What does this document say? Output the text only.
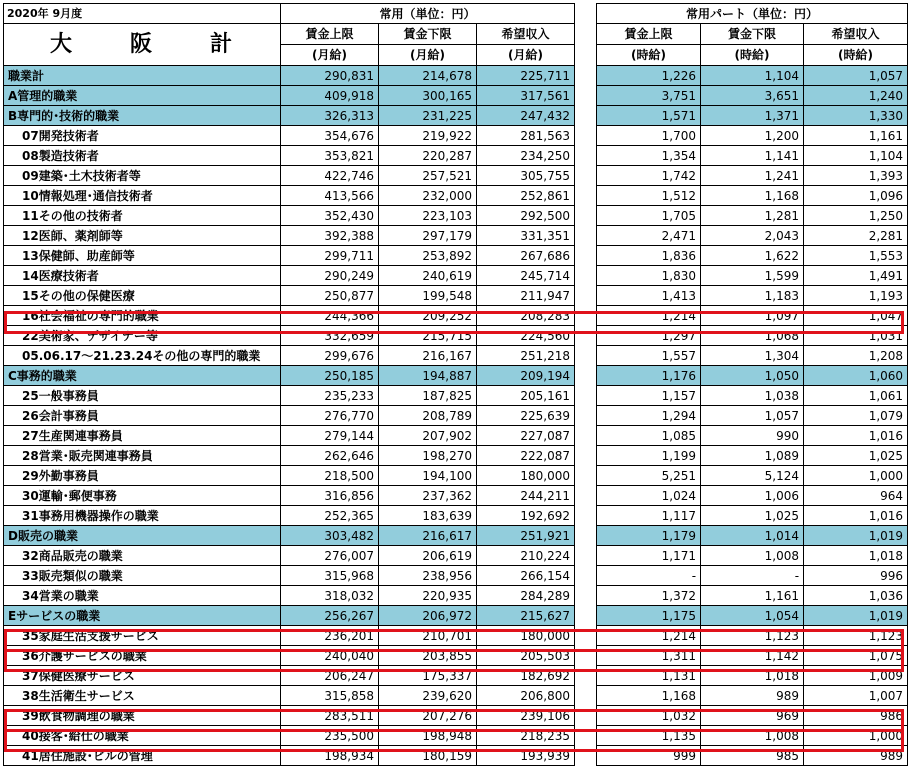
2020年 9月度	常用（単位：円）				常用パート（単位：円）		
大 阪 計	賃金上限	賃金下限	希望収入		賃金上限	賃金下限	希望収入
	(月給)	(月給)	(月給)		(時給)	(時給)	(時給)
職業計	290,831	214,678	225,711		1,226	1,104	1,057
A管理的職業	409,918	300,165	317,561		3,751	3,651	1,240
B専門的･技術的職業	326,313	231,225	247,432		1,571	1,371	1,330
07開発技術者	354,676	219,922	281,563		1,700	1,200	1,161
08製造技術者	353,821	220,287	234,250		1,354	1,141	1,104
09建築･土木技術者等	422,746	257,521	305,755		1,742	1,241	1,393
10情報処理･通信技術者	413,566	232,000	252,861		1,512	1,168	1,096
11その他の技術者	352,430	223,103	292,500		1,705	1,281	1,250
12医師、薬剤師等	392,388	297,179	331,351		2,471	2,043	2,281
13保健師、助産師等	299,711	253,892	267,686		1,836	1,622	1,553
14医療技術者	290,249	240,619	245,714		1,830	1,599	1,491
15その他の保健医療	250,877	199,548	211,947		1,413	1,183	1,193
16社会福祉の専門的職業	244,366	209,252	208,283		1,214	1,097	1,047
22美術家、デザイナー等	332,659	215,715	224,560		1,297	1,068	1,031
05.06.17～21.23.24その他の専門的職業	299,676	216,167	251,218		1,557	1,304	1,208
C事務的職業	250,185	194,887	209,194		1,176	1,050	1,060
25一般事務員	235,233	187,825	205,161		1,157	1,038	1,061
26会計事務員	276,770	208,789	225,639		1,294	1,057	1,079
27生産関連事務員	279,144	207,902	227,087		1,085	990	1,016
28営業･販売関連事務員	262,646	198,270	222,087		1,199	1,089	1,025
29外勤事務員	218,500	194,100	180,000		5,251	5,124	1,000
30運輸･郵便事務	316,856	237,362	244,211		1,024	1,006	964
31事務用機器操作の職業	252,365	183,639	192,692		1,117	1,025	1,016
D販売の職業	303,482	216,617	251,921		1,179	1,014	1,019
32商品販売の職業	276,007	206,619	210,224		1,171	1,008	1,018
33販売類似の職業	315,968	238,956	266,154		-	-	996
34営業の職業	318,032	220,935	284,289		1,372	1,161	1,036
Eサービスの職業	256,267	206,972	215,627		1,175	1,054	1,019
35家庭生活支援サービス	236,201	210,701	180,000		1,214	1,123	1,123
36介護サービスの職業	240,040	203,855	205,503		1,311	1,142	1,075
37保健医療サービス	206,247	175,337	182,692		1,131	1,018	1,009
38生活衛生サービス	315,858	239,620	206,800		1,168	989	1,007
39飲食物調理の職業	283,511	207,276	239,106		1,032	969	986
40接客･給仕の職業	235,500	198,948	218,235		1,135	1,008	1,000
41居住施設･ビルの管理	198,934	180,159	193,939		999	985	989
